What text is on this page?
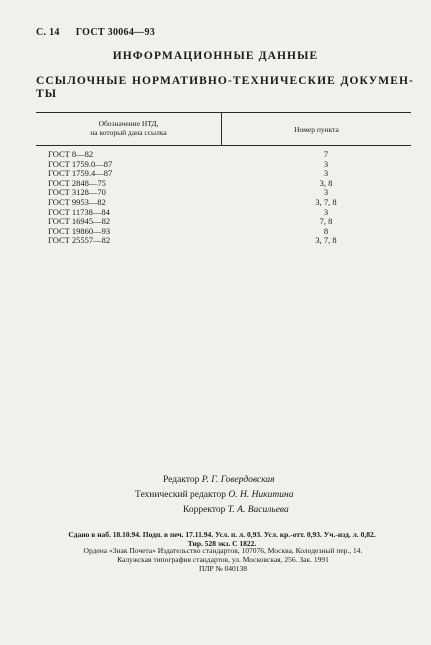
С. 14 ГОСТ 30064—93
ИНФОРМАЦИОННЫЕ ДАННЫЕ
ССЫЛОЧНЫЕ НОРМАТИВНО-ТЕХНИЧЕСКИЕ ДОКУМЕН-
ТЫ
Обозначение НТД,
на который дана ссылка	Номер пункта
ГОСТ 8—82	7
ГОСТ 1759.0—87	3
ГОСТ 1759.4—87	3
ГОСТ 2848—75	3, 8
ГОСТ 3128—70	3
ГОСТ 9953—82	3, 7, 8
ГОСТ 11738—84	3
ГОСТ 16945—82	7, 8
ГОСТ 19860—93	8
ГОСТ 25557—82	3, 7, 8
Редактор Р. Г. Говердовская
Технический редактор О. Н. Никитина
Корректор Т. А. Васильева
Сдано в наб. 18.10.94. Подп. в печ. 17.11.94. Усл. п. л. 0,93. Усл. кр.-отт. 0,93. Уч.-изд. л. 0,82.
Тир. 528 экз. С 1822.
Ордена «Знак Почета» Издательство стандартов, 107076, Москва, Колодезный пер., 14.
Калужская типография стандартов, ул. Московская, 256. Зак. 1991
ПЛР № 040138
